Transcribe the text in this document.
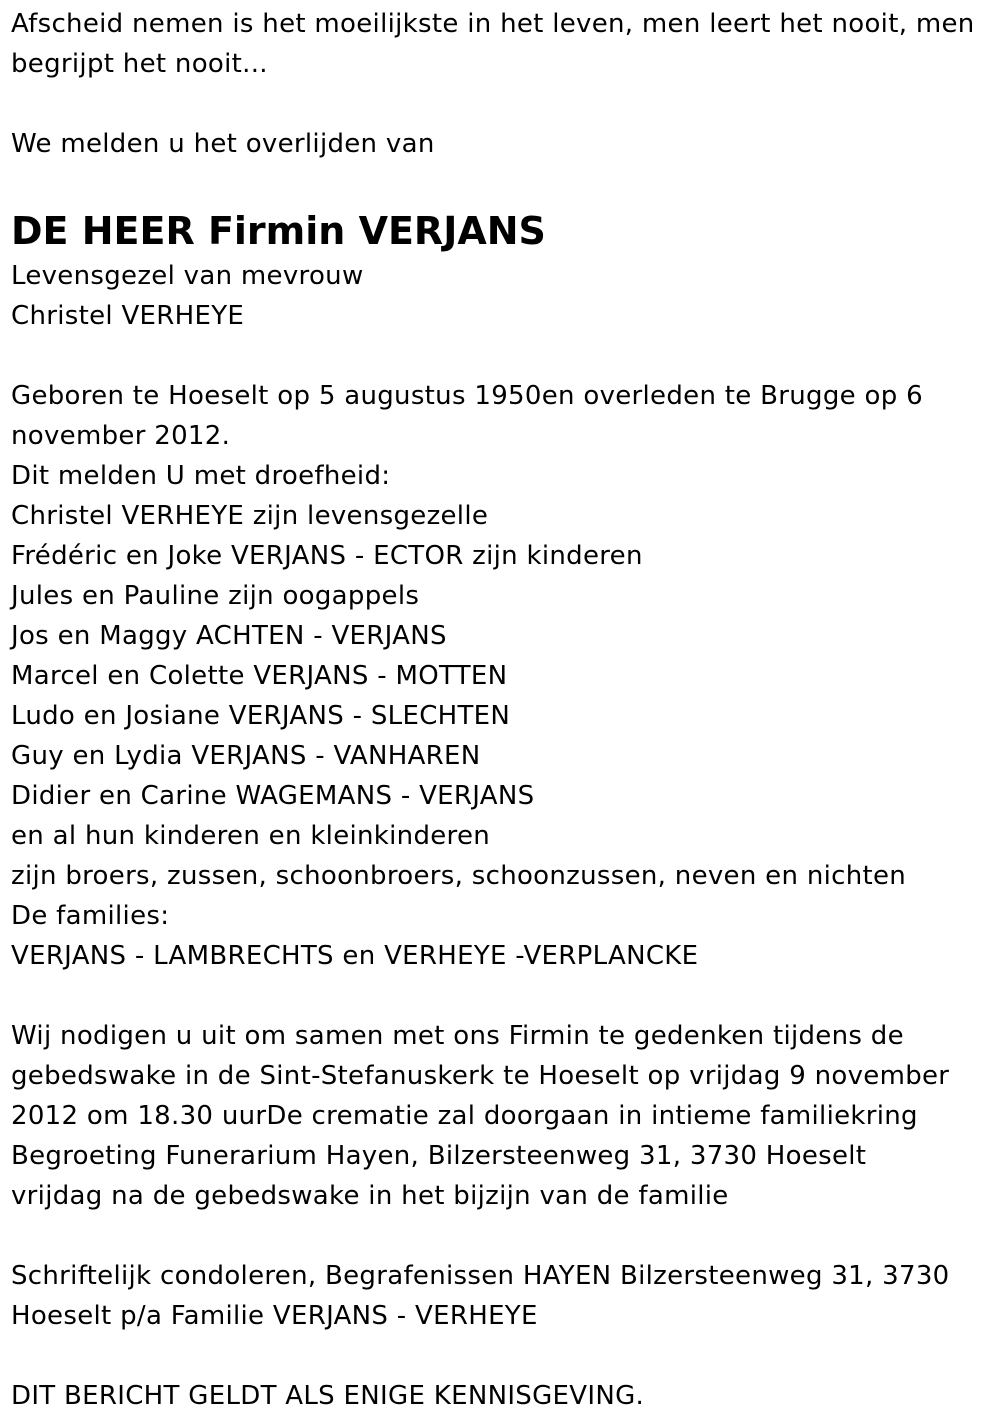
Afscheid nemen is het moeilijkste in het leven, men leert het nooit, men
begrijpt het nooit...
We melden u het overlijden van
DE HEER Firmin VERJANS
Levensgezel van mevrouw
Christel VERHEYE
Geboren te Hoeselt op 5 augustus 1950en overleden te Brugge op 6
november 2012.
Dit melden U met droefheid:
Christel VERHEYE zijn levensgezelle
Frédéric en Joke VERJANS - ECTOR zijn kinderen
Jules en Pauline zijn oogappels
Jos en Maggy ACHTEN - VERJANS
Marcel en Colette VERJANS - MOTTEN
Ludo en Josiane VERJANS - SLECHTEN
Guy en Lydia VERJANS - VANHAREN
Didier en Carine WAGEMANS - VERJANS
en al hun kinderen en kleinkinderen
zijn broers, zussen, schoonbroers, schoonzussen, neven en nichten
De families:
VERJANS - LAMBRECHTS en VERHEYE -VERPLANCKE
Wij nodigen u uit om samen met ons Firmin te gedenken tijdens de
gebedswake in de Sint-Stefanuskerk te Hoeselt op vrijdag 9 november
2012 om 18.30 uurDe crematie zal doorgaan in intieme familiekring
Begroeting Funerarium Hayen, Bilzersteenweg 31, 3730 Hoeselt
vrijdag na de gebedswake in het bijzijn van de familie
Schriftelijk condoleren, Begrafenissen HAYEN Bilzersteenweg 31, 3730
Hoeselt p/a Familie VERJANS - VERHEYE
DIT BERICHT GELDT ALS ENIGE KENNISGEVING.
